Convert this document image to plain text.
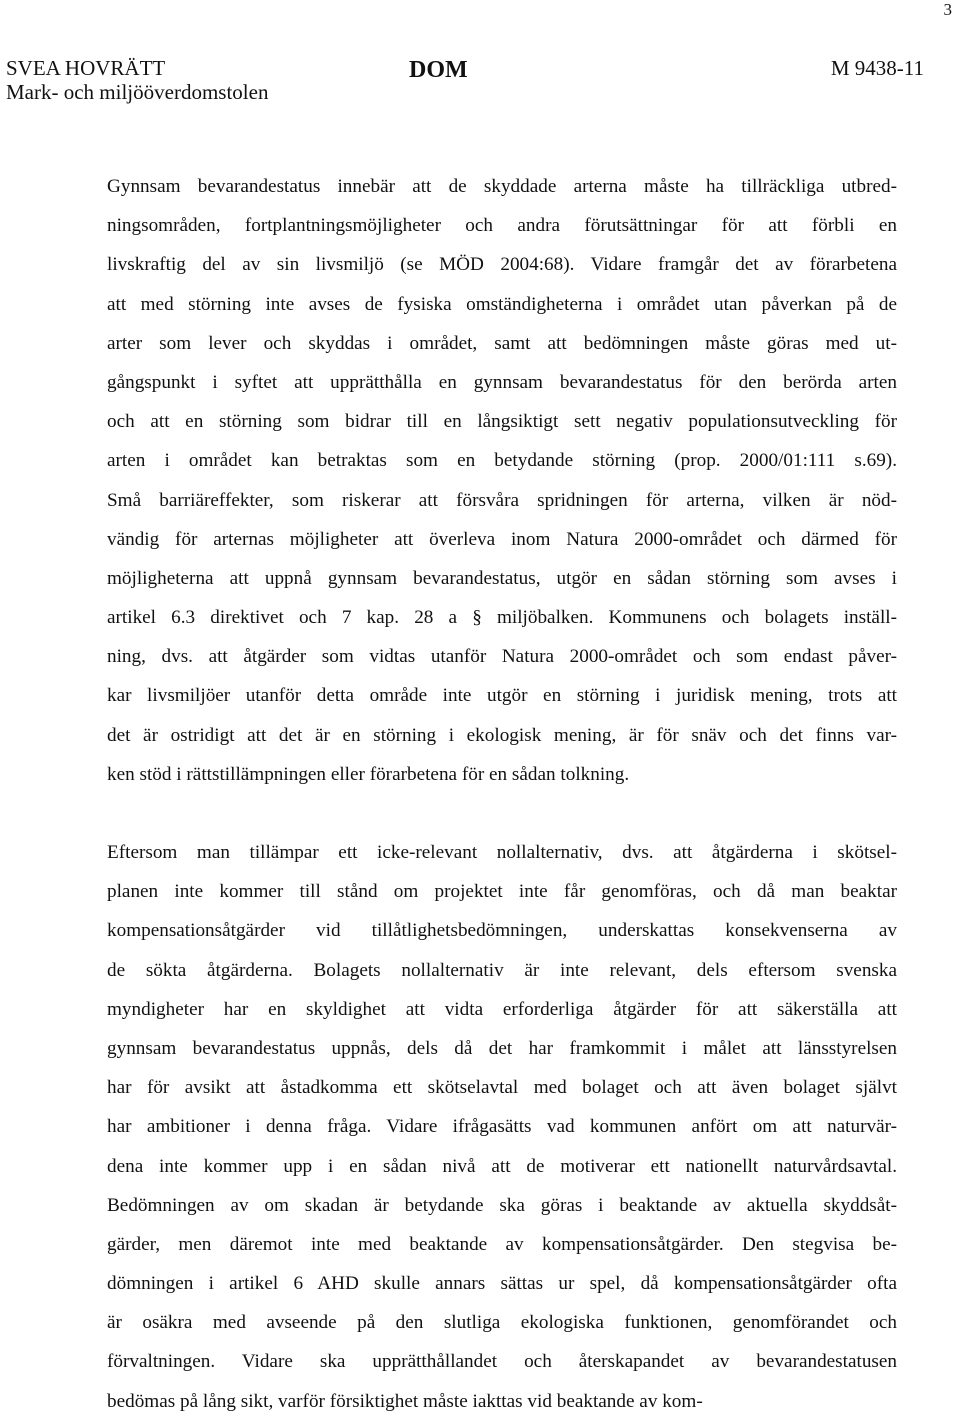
3
SVEA HOVRÄTT
Mark- och miljööverdomstolen
DOM	M 9438-11
Gynnsam bevarandestatus innebär att de skyddade arterna måste ha tillräckliga utbred-
ningsområden, fortplantningsmöjligheter och andra förutsättningar för att förbli en
livskraftig del av sin livsmiljö (se MÖD 2004:68). Vidare framgår det av förarbetena
att med störning inte avses de fysiska omständigheterna i området utan påverkan på de
arter som lever och skyddas i området, samt att bedömningen måste göras med ut-
gångspunkt i syftet att upprätthålla en gynnsam bevarandestatus för den berörda arten
och att en störning som bidrar till en långsiktigt sett negativ populationsutveckling för
arten i området kan betraktas som en betydande störning (prop. 2000/01:111 s.69).
Små barriäreffekter, som riskerar att försvåra spridningen för arterna, vilken är nöd-
vändig för arternas möjligheter att överleva inom Natura 2000-området och därmed för
möjligheterna att uppnå gynnsam bevarandestatus, utgör en sådan störning som avses i
artikel 6.3 direktivet och 7 kap. 28 a § miljöbalken. Kommunens och bolagets inställ-
ning, dvs. att åtgärder som vidtas utanför Natura 2000-området och som endast påver-
kar livsmiljöer utanför detta område inte utgör en störning i juridisk mening, trots att
det är ostridigt att det är en störning i ekologisk mening, är för snäv och det finns var-
ken stöd i rättstillämpningen eller förarbetena för en sådan tolkning.
Eftersom man tillämpar ett icke-relevant nollalternativ, dvs. att åtgärderna i skötsel-
planen inte kommer till stånd om projektet inte får genomföras, och då man beaktar
kompensationsåtgärder vid tillåtlighetsbedömningen, underskattas konsekvenserna av
de sökta åtgärderna. Bolagets nollalternativ är inte relevant, dels eftersom svenska
myndigheter har en skyldighet att vidta erforderliga åtgärder för att säkerställa att
gynnsam bevarandestatus uppnås, dels då det har framkommit i målet att länsstyrelsen
har för avsikt att åstadkomma ett skötselavtal med bolaget och att även bolaget självt
har ambitioner i denna fråga. Vidare ifrågasätts vad kommunen anfört om att naturvär-
dena inte kommer upp i en sådan nivå att de motiverar ett nationellt naturvårdsavtal.
Bedömningen av om skadan är betydande ska göras i beaktande av aktuella skyddsåt-
gärder, men däremot inte med beaktande av kompensationsåtgärder. Den stegvisa be-
dömningen i artikel 6 AHD skulle annars sättas ur spel, då kompensationsåtgärder ofta
är osäkra med avseende på den slutliga ekologiska funktionen, genomförandet och
förvaltningen. Vidare ska upprätthållandet och återskapandet av bevarandestatusen
bedömas på lång sikt, varför försiktighet måste iakttas vid beaktande av kom-
